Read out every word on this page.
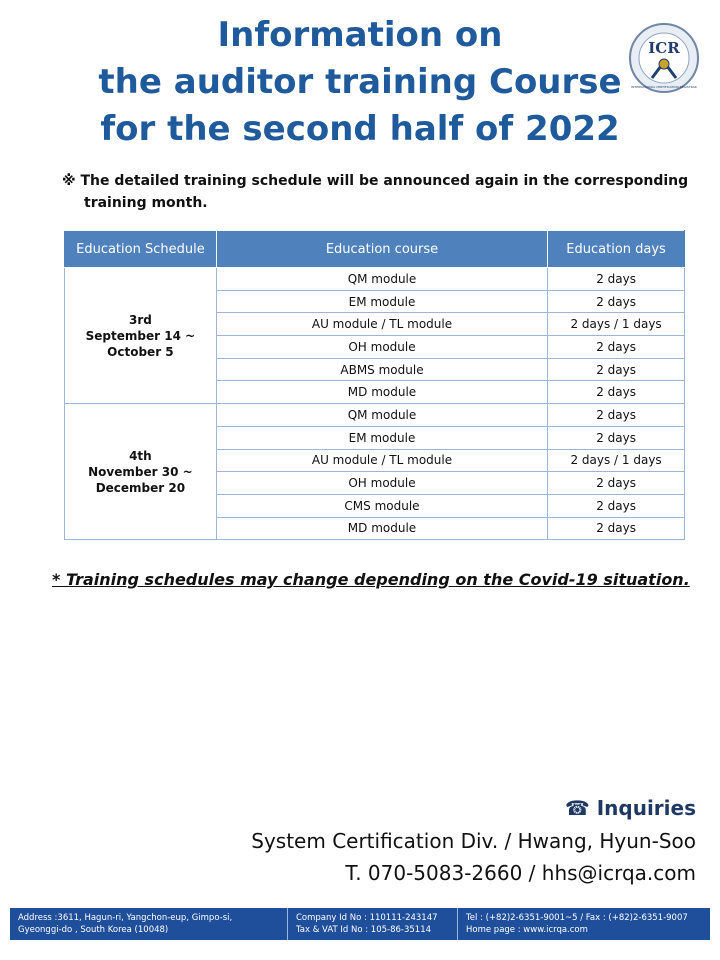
Information on
the auditor training Course
for the second half of 2022
ICR
INTERNATIONAL CERTIFICATION REGISTRAR
※ The detailed training schedule will be announced again in the corresponding
training month.
Education Schedule	Education course	Education days

3rd
September 14 ~
October 5	QM module	2 days
	EM module	2 days
	AU module / TL module	2 days / 1 days
	OH module	2 days
	ABMS module	2 days
	MD module	2 days

4th
November 30 ~
December 20	QM module	2 days
	EM module	2 days
	AU module / TL module	2 days / 1 days
	OH module	2 days
	CMS module	2 days
	MD module	2 days
* Training schedules may change depending on the Covid-19 situation.
☎ Inquiries
System Certification Div. / Hwang, Hyun-Soo
T. 070-5083-2660 / hhs@icrqa.com
Address :3611, Hagun-ri, Yangchon-eup, Gimpo-si,
Gyeonggi-do , South Korea (10048)
Company Id No : 110111-243147
Tax & VAT Id No : 105-86-35114
Tel : (+82)2-6351-9001~5 / Fax : (+82)2-6351-9007
Home page : www.icrqa.com
